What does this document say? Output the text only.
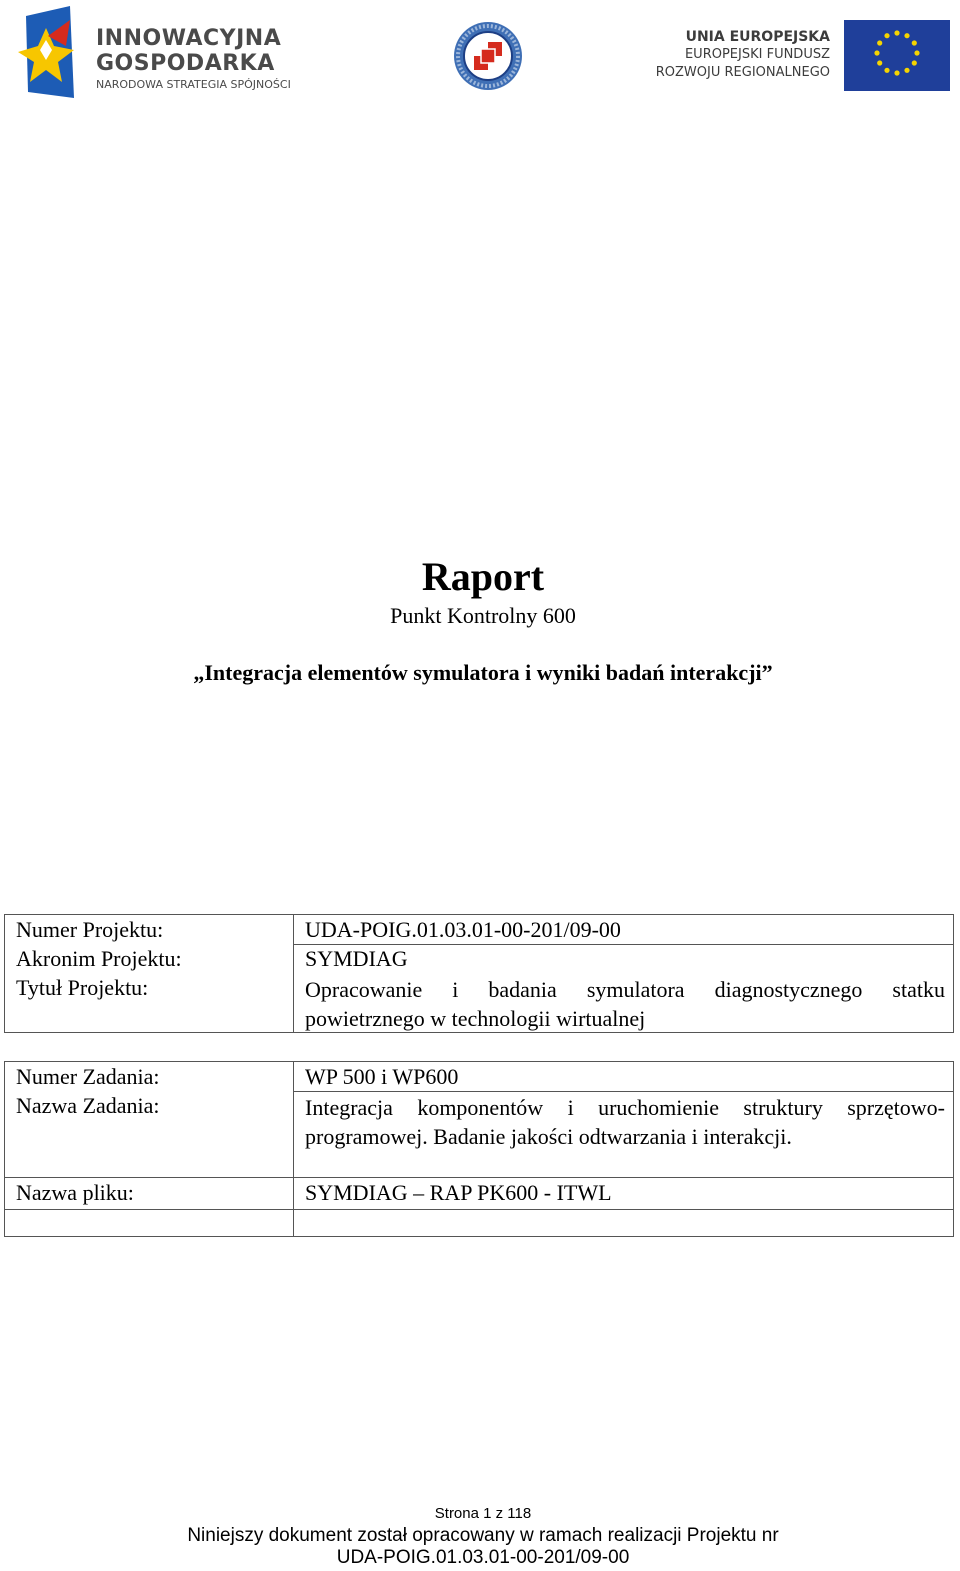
INNOWACYJNA
GOSPODARKA
NARODOWA STRATEGIA SPÓJNOŚCI
UNIA EUROPEJSKA
EUROPEJSKI FUNDUSZ
ROZWOJU REGIONALNEGO
Raport
Punkt Kontrolny 600
„Integracja elementów symulatora i wyniki badań interakcji”
Numer Projektu:	UDA-POIG.01.03.01-00-201/09-00
Akronim Projektu:	SYMDIAG
Tytuł Projektu:	Opracowanie i badania symulatora diagnostycznego statku powietrznego w technologii wirtualnej
Numer Zadania:	WP 500 i WP600
Nazwa Zadania:	Integracja komponentów i uruchomienie struktury sprzętowo-programowej. Badanie jakości odtwarzania i interakcji.
Nazwa pliku:	SYMDIAG – RAP PK600 - ITWL
Strona 1 z 118
Niniejszy dokument został opracowany w ramach realizacji Projektu nr
UDA-POIG.01.03.01-00-201/09-00
